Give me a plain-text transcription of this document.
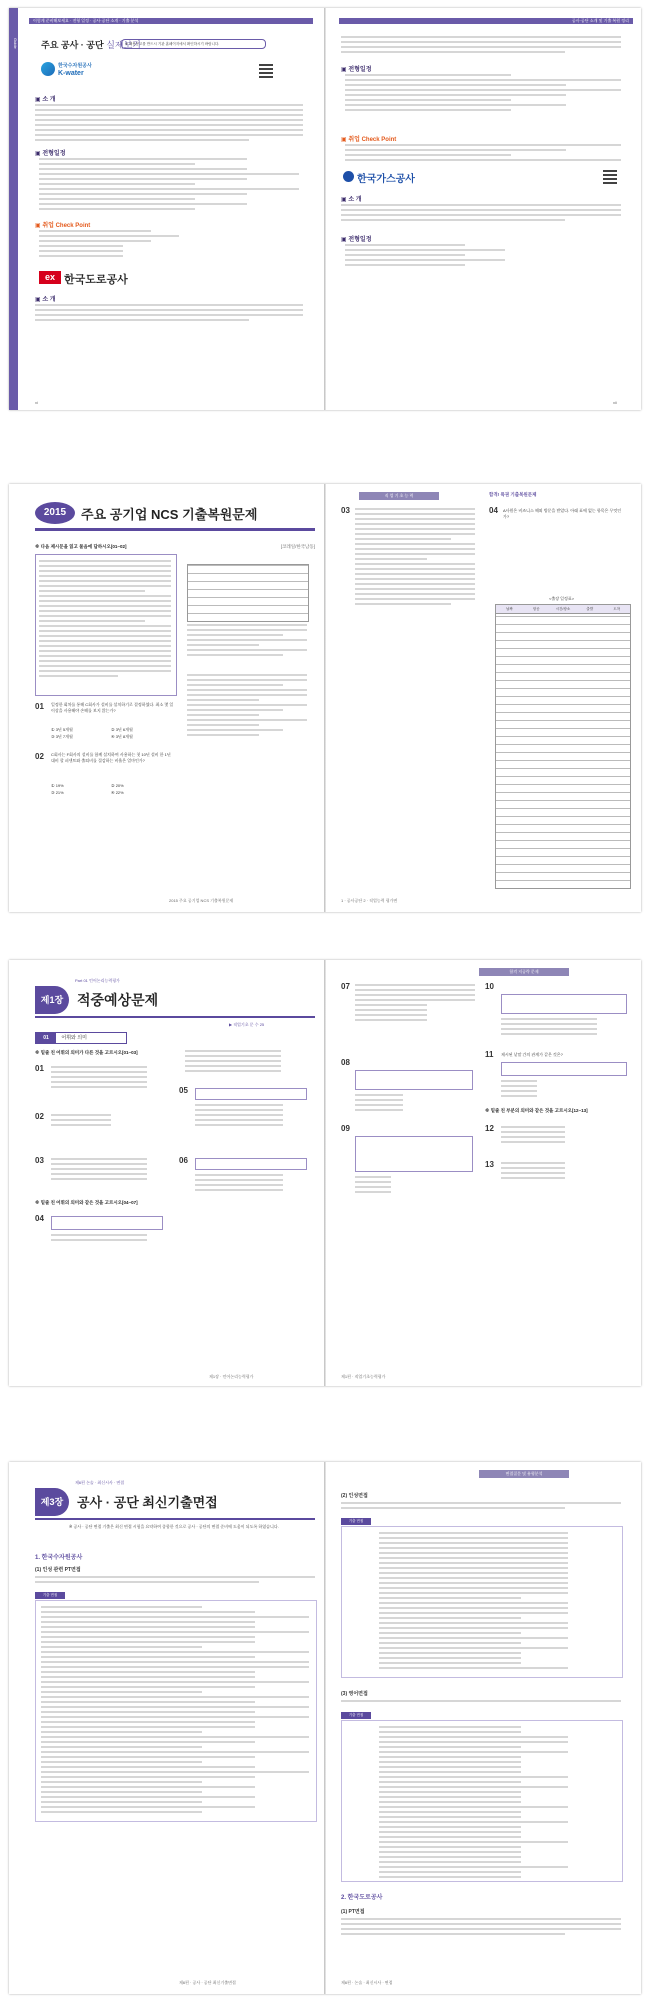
Guide
이렇게 준비해보세요 · 전형 일정 · 공사·공단 소개 · 기출 분석	공사·공단 소개 및 기출 복원 정리
주요 공사 · 공단 실제보기
※ 채용공고를 반드시 기관 홈페이지에서 확인하시기 바랍니다.
한국수자원공사
K-water
▣ 소 개
▣ 전형일정
▣ 취업 Check Point
ex 한국도로공사
▣ 소 개
xi
▣ 전형일정
▣ 취업 Check Point
한국가스공사
▣ 소 개
▣ 전형일정
xii
2015	주요 공기업 NCS 기출복원문제
직 업 기 초 능 력	합격! 특권 기출복원문제
※ 다음 제시문을 읽고 물음에 답하시오[01~02]	[코레일/한국남동]
01 일정한 회차를 통해 C회사가 설비를 설치하기로 결정하였다. 최소 몇 일 이상을 사용해야 손해를 보지 않는가?
① 3년 5개월	② 3년 6개월 ③ 3년 7개월	④ 3년 8개월
02 C회사는 F회사의 설비를 함께 설치하여 사용하는 첫 10년 설비 한 1년 대비 할 퍼센트와 출퇴비를 절감하는 비율은 얼마인가?
① 19%	② 20% ③ 21%	④ 22%
03	04 A사원은 비즈니스 해외 방문을 받았다. 아래 표에 없는 항목은 무엇인가?
<출장 일정표>
날짜	항공	시간/장소	출발	도착
2015 주요 공기업 NCS 기출복원문제	1 · 공사공단 2 · 직업능력 평가면
Part 01 언어논리능력평가
제1장 적중예상문제
▶ 직업기초 문 수 25
01	어휘와 의미
합격 저공략 문제
※ 밑줄 친 어휘의 의미가 다른 것을 고르시오[01~03]
01
02
03
※ 밑줄 친 어휘의 의미와 같은 것을 고르시오[04~07]
04
05
06
07
08
09
10
11 제시된 낱말 간의 관계가 같은 것은?
※ 밑줄 친 부분의 의미와 같은 것을 고르시오[12~13]
12
13
제1장 · 언어논리능력평가	제1편 · 직업기초능력평가
제6편 논술 · 최신시사 · 면접
제3장	공사 · 공단 최신기출면접
※ 공사 · 공단 면접 기출은 최신 면접 시험을 요약하여 종합한 것으로 공사 · 공단의 면접 준비에 도움이 되도록 하였습니다.
면접질문 및 유형분석
1. 한국수자원공사
(1) 인성 관련 PT면접
기출 면접
(2) 인성면접
기출 면접
(3) 영어면접
기출 면접
2. 한국도로공사
(1) PT면접
제6편 · 공사 · 공단 최신기출면접	제6편 · 논술 · 최신시사 · 면접
